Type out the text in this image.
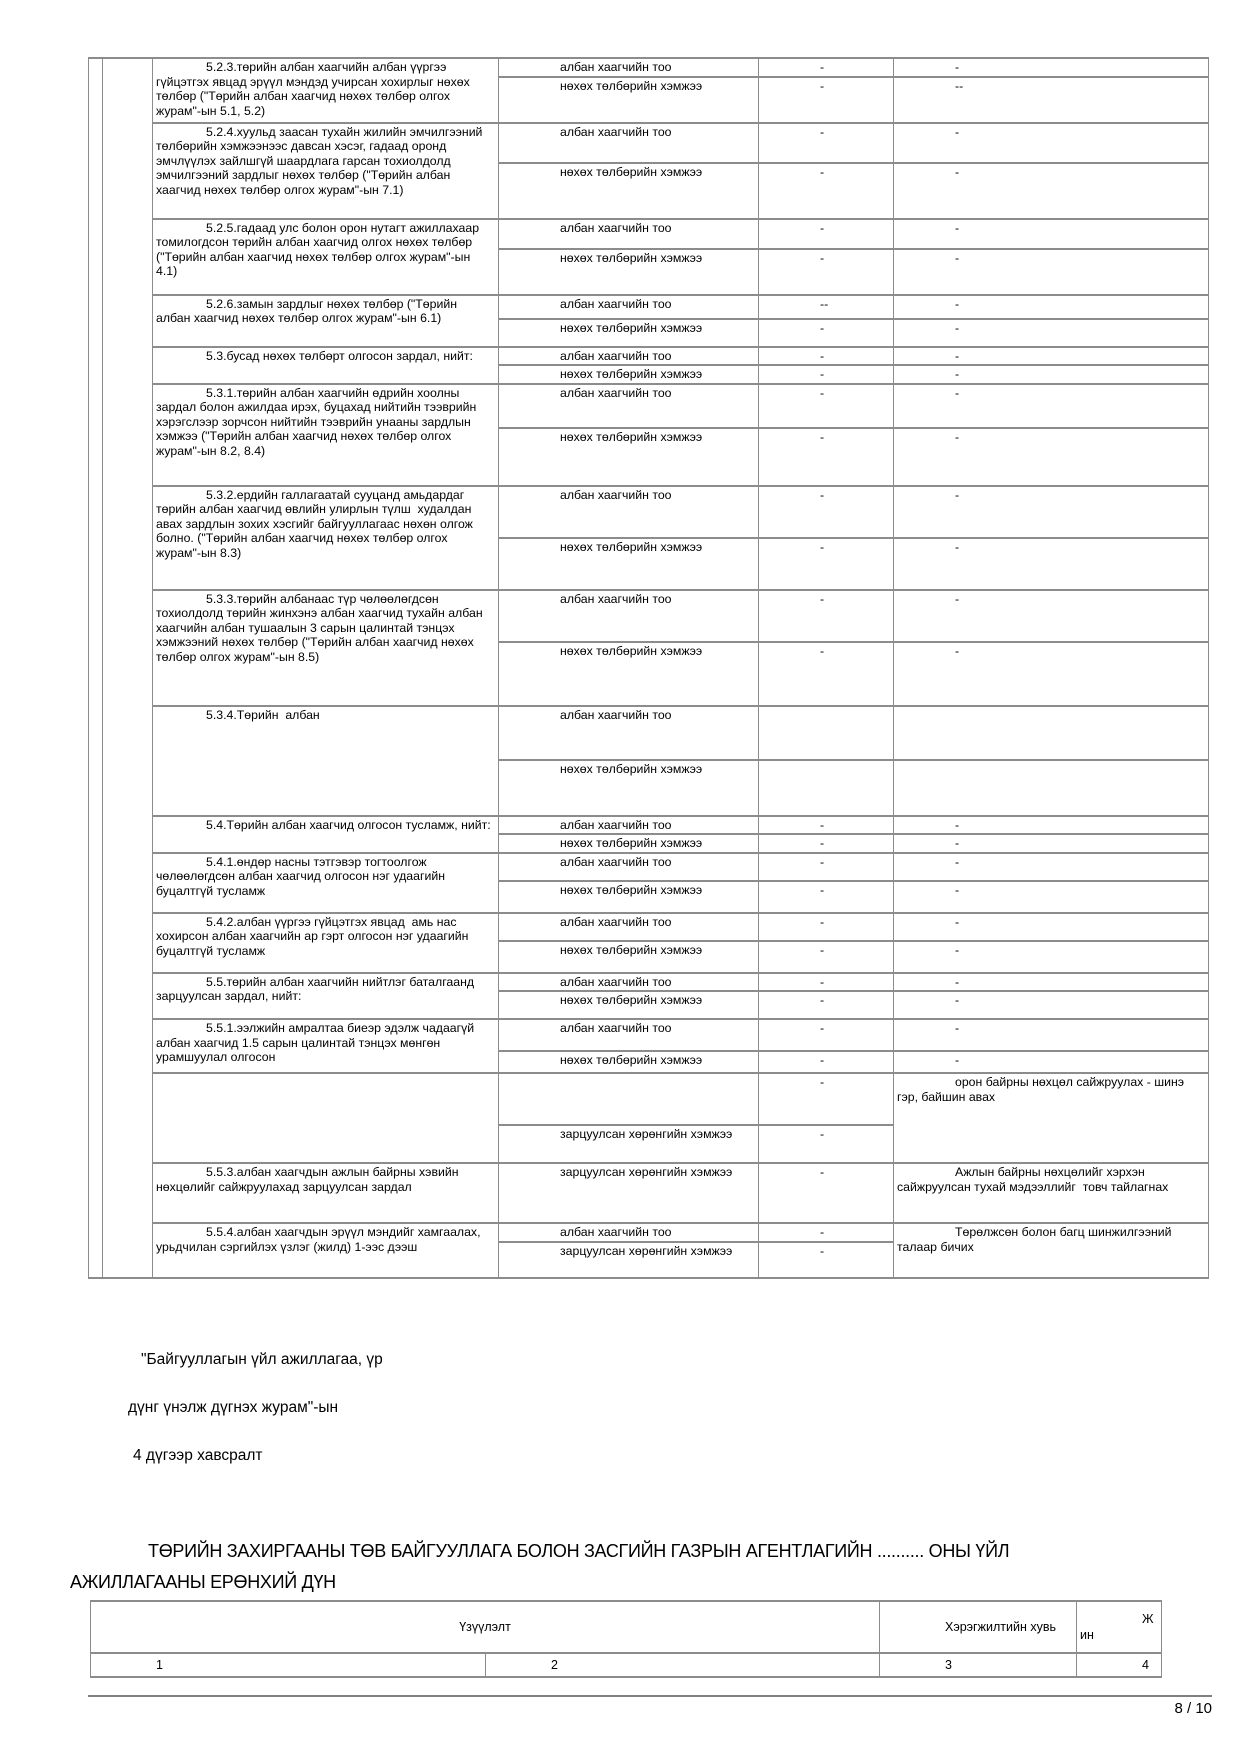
5.2.3.төрийн албан хаагчийн албан үүргээ гүйцэтгэх явцад эрүүл мэндэд учирсан хохирлыг нөхөх төлбөр ("Төрийн албан хаагчид нөхөх төлбөр олгох журам"-ын 5.1, 5.2)	албан хаагчийн тоо	-	-
	нөхөх төлбөрийн хэмжээ	-	--
5.2.4.хуульд заасан тухайн жилийн эмчилгээний төлбөрийн хэмжээнээс давсан хэсэг, гадаад оронд эмчлүүлэх зайлшгүй шаардлага гарсан тохиолдолд  эмчилгээний зардлыг нөхөх төлбөр ("Төрийн албан хаагчид нөхөх төлбөр олгох журам"-ын 7.1)	албан хаагчийн тоо	-	-
	нөхөх төлбөрийн хэмжээ	-	-
5.2.5.гадаад улс болон орон нутагт ажиллахаар томилогдсон төрийн албан хаагчид олгох нөхөх төлбөр ("Төрийн албан хаагчид нөхөх төлбөр олгох журам"-ын 4.1)	албан хаагчийн тоо	-	-
	нөхөх төлбөрийн хэмжээ	-	-
5.2.6.замын зардлыг нөхөх төлбөр ("Төрийн албан хаагчид нөхөх төлбөр олгох журам"-ын 6.1)	албан хаагчийн тоо	--	-
	нөхөх төлбөрийн хэмжээ	-	-
5.3.бусад нөхөх төлбөрт олгосон зардал, нийт:	албан хаагчийн тоо	-	-
	нөхөх төлбөрийн хэмжээ	-	-
5.3.1.төрийн албан хаагчийн өдрийн хоолны зардал болон ажилдаа ирэх, буцахад нийтийн тээврийн хэрэгслээр зорчсон нийтийн тээврийн унааны зардлын хэмжээ ("Төрийн албан хаагчид нөхөх төлбөр олгох журам"-ын 8.2, 8.4)	албан хаагчийн тоо	-	-
	нөхөх төлбөрийн хэмжээ	-	-
5.3.2.ердийн галлагаатай сууцанд амьдардаг төрийн албан хаагчид өвлийн улирлын түлш  худалдан авах зардлын зохих хэсгийг байгууллагаас нөхөн олгож болно. ("Төрийн албан хаагчид нөхөх төлбөр олгох журам"-ын 8.3)	албан хаагчийн тоо	-	-
	нөхөх төлбөрийн хэмжээ	-	-
5.3.3.төрийн албанаас түр чөлөөлөгдсөн тохиолдолд төрийн жинхэнэ албан хаагчид тухайн албан хаагчийн албан тушаалын 3 сарын цалинтай тэнцэх хэмжээний нөхөх төлбөр ("Төрийн албан хаагчид нөхөх төлбөр олгох журам"-ын 8.5)	албан хаагчийн тоо	-	-
	нөхөх төлбөрийн хэмжээ	-	-
5.3.4.Төрийн  албан	албан хаагчийн тоо		
	нөхөх төлбөрийн хэмжээ		
5.4.Төрийн албан хаагчид олгосон тусламж, нийт:	албан хаагчийн тоо	-	-
	нөхөх төлбөрийн хэмжээ	-	-
5.4.1.өндөр насны тэтгэвэр тогтоолгож чөлөөлөгдсөн албан хаагчид олгосон нэг удаагийн буцалтгүй тусламж	албан хаагчийн тоо	-	-
	нөхөх төлбөрийн хэмжээ	-	-
5.4.2.албан үүргээ гүйцэтгэх явцад  амь нас хохирсон албан хаагчийн ар гэрт олгосон нэг удаагийн буцалтгүй тусламж	албан хаагчийн тоо	-	-
	нөхөх төлбөрийн хэмжээ	-	-
5.5.төрийн албан хаагчийн нийтлэг баталгаанд зарцуулсан зардал, нийт:	албан хаагчийн тоо	-	-
	нөхөх төлбөрийн хэмжээ	-	-
5.5.1.ээлжийн амралтаа биеэр эдэлж чадаагүй албан хаагчид 1.5 сарын цалинтай тэнцэх мөнгөн урамшуулал олгосон	албан хаагчийн тоо	-	-
	нөхөх төлбөрийн хэмжээ	-	-
		-	орон байрны нөхцөл сайжруулах - шинэ гэр, байшин авах
	зарцуулсан хөрөнгийн хэмжээ	-	
5.5.3.албан хаагчдын ажлын байрны хэвийн нөхцөлийг сайжруулахад зарцуулсан зардал	зарцуулсан хөрөнгийн хэмжээ	-	Ажлын байрны нөхцөлийг хэрхэн сайжруулсан тухай мэдээллийг  товч тайлагнах
5.5.4.албан хаагчдын эрүүл мэндийг хамгаалах, урьдчилан сэргийлэх үзлэг (жилд) 1-ээс дээш	албан хаагчийн тоо	-	Төрөлжсөн болон багц шинжилгээний талаар бичих
	зарцуулсан хөрөнгийн хэмжээ	-	

"Байгууллагын үйл ажиллагаа, үр

дүнг үнэлж дүгнэх журам"-ын

4 дүгээр хавсралт

ТӨРИЙН ЗАХИРГААНЫ ТӨВ БАЙГУУЛЛАГА БОЛОН ЗАСГИЙН ГАЗРЫН АГЕНТЛАГИЙН .......... ОНЫ ҮЙЛ АЖИЛЛАГААНЫ ЕРӨНХИЙ ДҮН
Үзүүлэлт		Хэрэгжилтийн хувь	Ж ин
1	2	3	4
8 / 10
